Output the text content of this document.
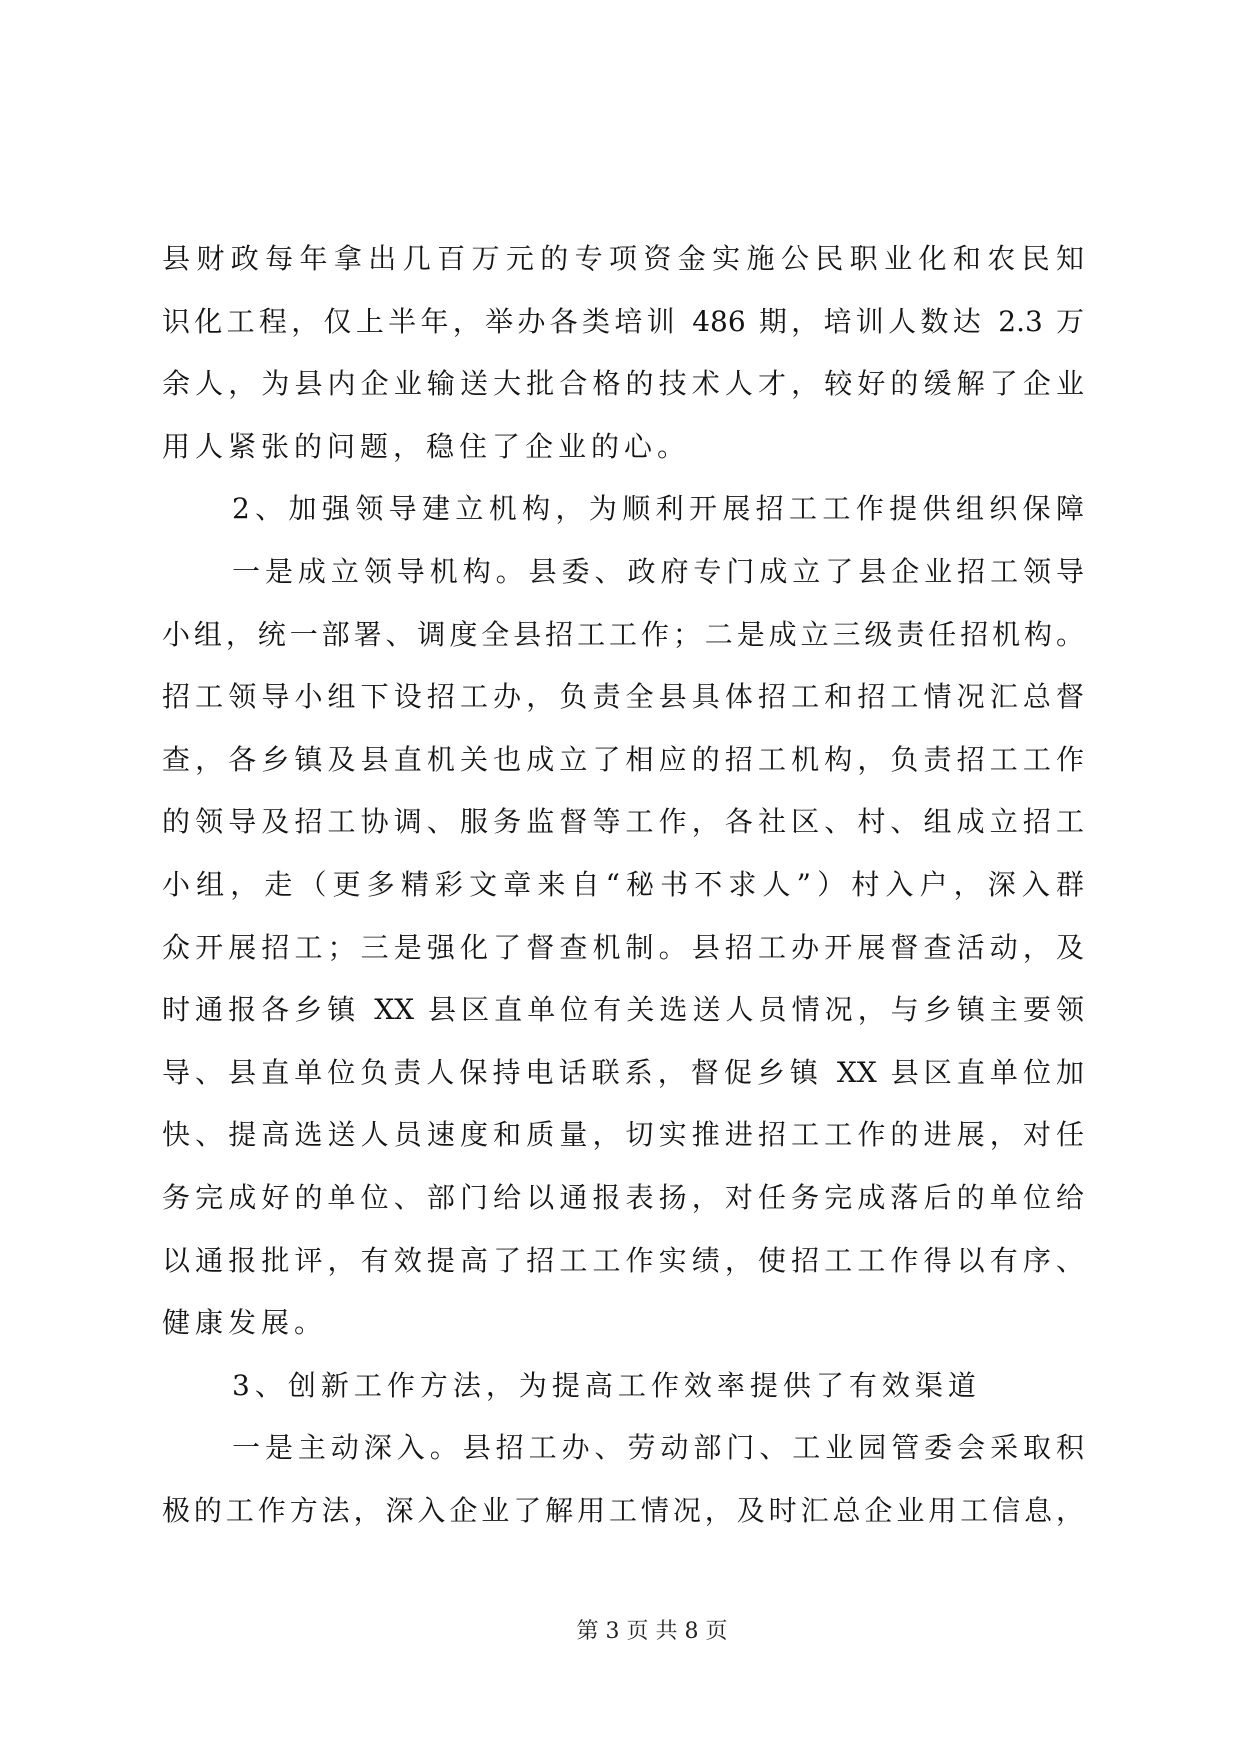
县财政每年拿出几百万元的专项资金实施公民职业化和农民知
识化工程，仅上半年，举办各类培训 486 期，培训人数达 2.3 万
余人，为县内企业输送大批合格的技术人才，较好的缓解了企业
用人紧张的问题，稳住了企业的心。
2、加强领导建立机构，为顺利开展招工工作提供组织保障
一是成立领导机构。县委、政府专门成立了县企业招工领导
小组，统一部署、调度全县招工工作；二是成立三级责任招机构。
招工领导小组下设招工办，负责全县具体招工和招工情况汇总督
查，各乡镇及县直机关也成立了相应的招工机构，负责招工工作
的领导及招工协调、服务监督等工作，各社区、村、组成立招工
小组，走（更多精彩文章来自“秘书不求人”）村入户，深入群
众开展招工；三是强化了督查机制。县招工办开展督查活动，及
时通报各乡镇 XX 县区直单位有关选送人员情况，与乡镇主要领
导、县直单位负责人保持电话联系，督促乡镇 XX 县区直单位加
快、提高选送人员速度和质量，切实推进招工工作的进展，对任
务完成好的单位、部门给以通报表扬，对任务完成落后的单位给
以通报批评，有效提高了招工工作实绩，使招工工作得以有序、
健康发展。
3、创新工作方法，为提高工作效率提供了有效渠道
一是主动深入。县招工办、劳动部门、工业园管委会采取积
极的工作方法，深入企业了解用工情况，及时汇总企业用工信息，
第 3 页 共 8 页
